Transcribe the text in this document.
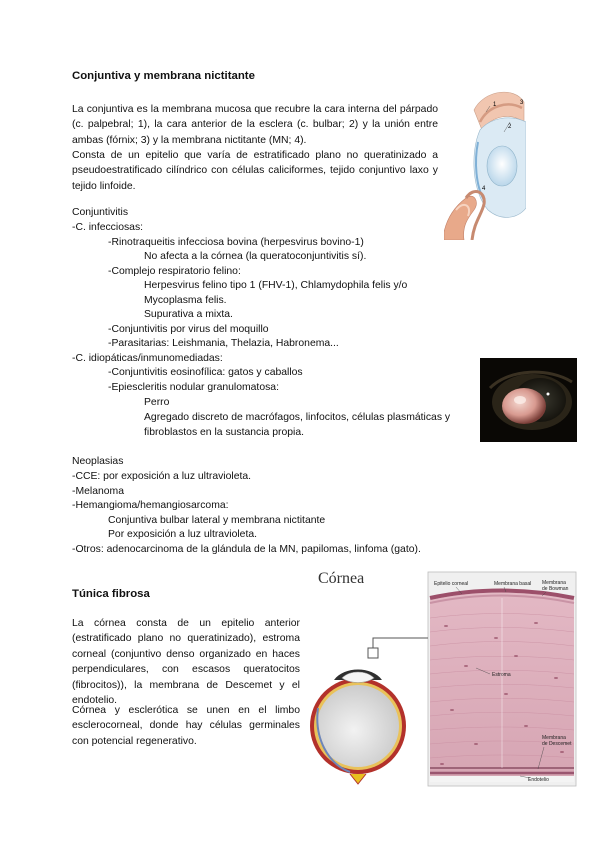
Conjuntiva y membrana nictitante
La conjuntiva es la membrana mucosa que recubre la cara interna del párpado (c. palpebral; 1), la cara anterior de la esclera (c. bulbar; 2) y la unión entre ambas (fórnix; 3) y la membrana nictitante (MN; 4).
Consta de un epitelio que varía de estratificado plano no queratinizado a pseudoestratificado cilíndrico con células caliciformes, tejido conjuntivo laxo y tejido linfoide.
1
2
3
4
Conjuntivitis
-C. infecciosas:
-Rinotraqueitis infecciosa bovina (herpesvirus bovino-1)
No afecta a la córnea (la queratoconjuntivitis sí).
-Complejo respiratorio felino:
Herpesvirus felino tipo 1 (FHV-1), Chlamydophila felis y/o
Mycoplasma felis.
Supurativa a mixta.
-Conjuntivitis por virus del moquillo
-Parasitarias: Leishmania, Thelazia, Habronema...
-C. idiopáticas/inmunomediadas:
-Conjuntivitis eosinofílica: gatos y caballos
-Epiescleritis nodular granulomatosa:
Perro
Agregado discreto de macrófagos, linfocitos, células plasmáticas y
fibroblastos en la sustancia propia.
Neoplasias
-CCE: por exposición a luz ultravioleta.
-Melanoma
-Hemangioma/hemangiosarcoma:
Conjuntiva bulbar lateral y membrana nictitante
Por exposición a luz ultravioleta.
-Otros: adenocarcinoma de la glándula de la MN, papilomas, linfoma (gato).
Túnica fibrosa
La córnea consta de un epitelio anterior (estratificado plano no queratinizado), estroma corneal (conjuntivo denso organizado en haces perpendiculares, con escasos queratocitos (fibrocitos)), la membrana de Descemet y el endotelio.
Córnea y esclerótica se unen en el limbo esclerocorneal, donde hay células germinales con potencial regenerativo.
Córnea	Epitelio corneal	Membrana basal Membrana
de Bowman
Estroma
Membrana
de Descemet
Endotelio
